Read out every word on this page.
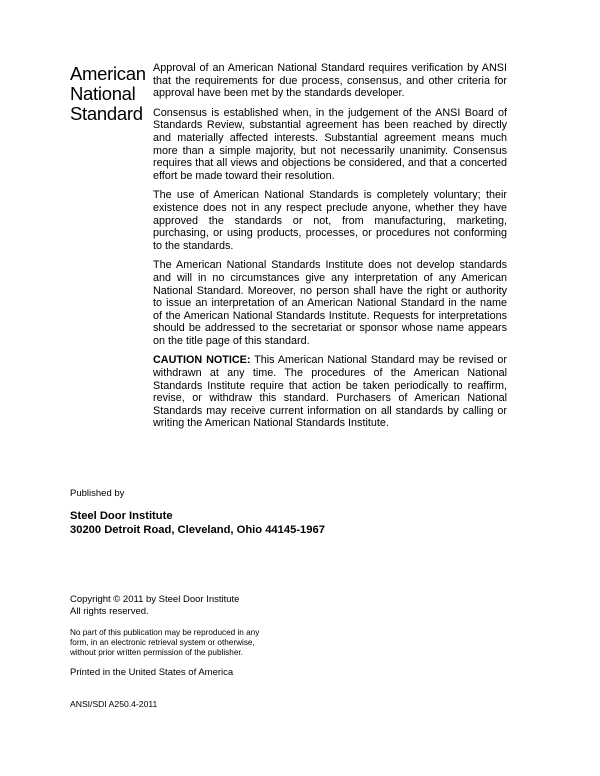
American
National
Standard

Approval of an American National Standard requires verification by ANSI that the requirements for due process, consensus, and other criteria for approval have been met by the standards developer.

Consensus is established when, in the judgement of the ANSI Board of Standards Review, substantial agreement has been reached by directly and materially affected interests. Substantial agreement means much more than a simple majority, but not necessarily unanimity. Consensus requires that all views and objections be considered, and that a concerted effort be made toward their resolution.

The use of American National Standards is completely voluntary; their existence does not in any respect preclude anyone, whether they have approved the standards or not, from manufacturing, marketing, purchasing, or using products, processes, or procedures not conforming to the standards.

The American National Standards Institute does not develop standards and will in no circumstances give any interpretation of any American National Standard. Moreover, no person shall have the right or authority to issue an interpretation of an American National Standard in the name of the American National Standards Institute. Requests for interpretations should be addressed to the secretariat or sponsor whose name appears on the title page of this standard.

CAUTION NOTICE: This American National Standard may be revised or withdrawn at any time. The procedures of the American National Standards Institute require that action be taken periodically to reaffirm, revise, or withdraw this standard. Purchasers of American National Standards may receive current information on all standards by calling or writing the American National Standards Institute.

Published by
Steel Door Institute
30200 Detroit Road, Cleveland, Ohio 44145-1967
Copyright © 2011 by Steel Door Institute
All rights reserved.
No part of this publication may be reproduced in any
form, in an electronic retrieval system or otherwise,
without prior written permission of the publisher.
Printed in the United States of America
ANSI/SDI A250.4-2011
